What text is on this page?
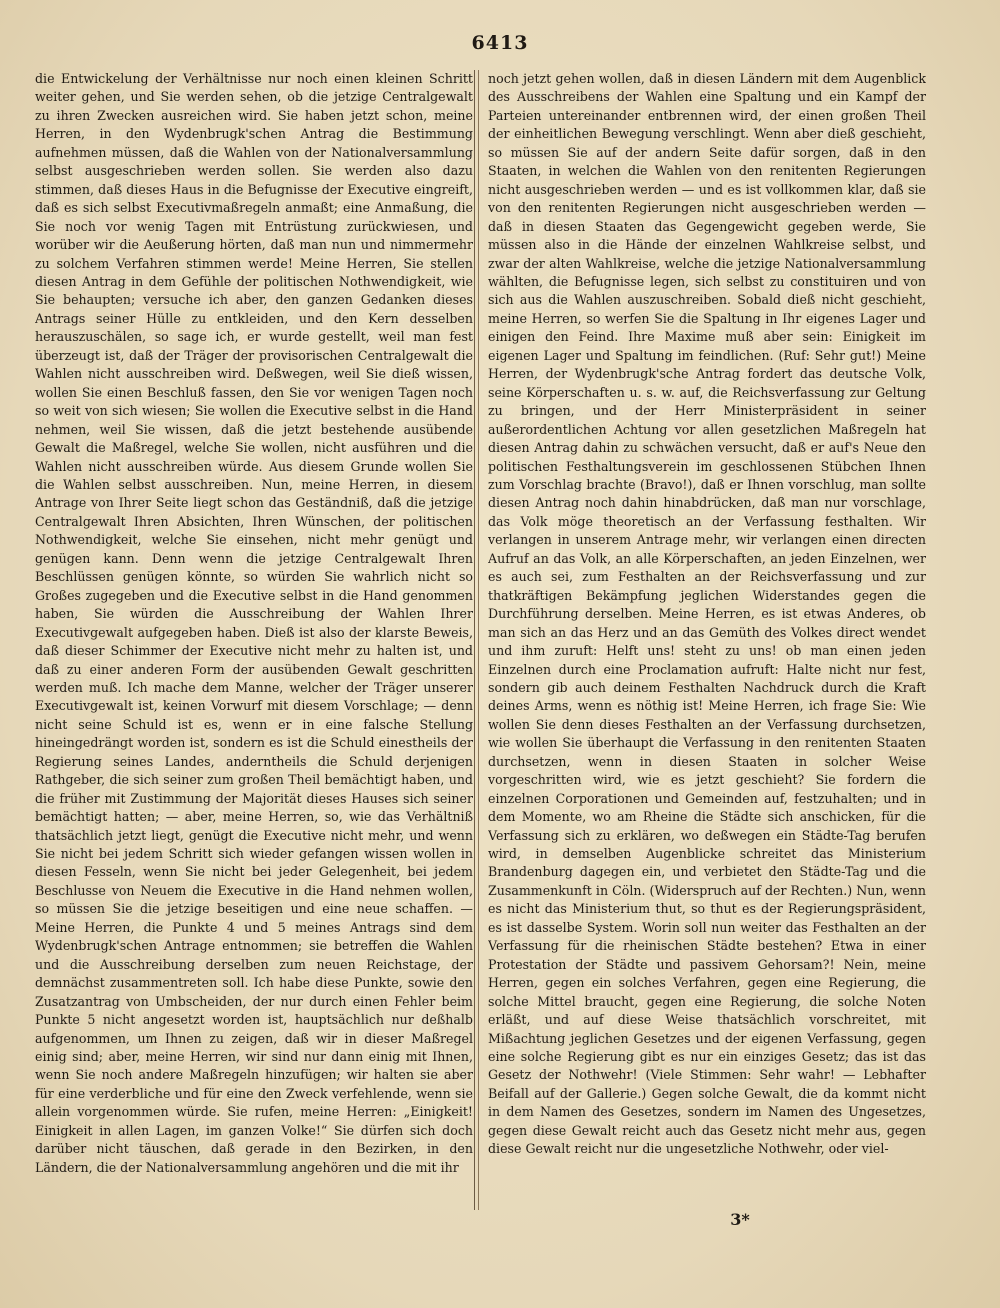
6413

die Entwickelung der Verhältnisse nur noch einen kleinen Schritt weiter gehen, und Sie werden sehen, ob die jetzige Centralgewalt zu ihren Zwecken ausreichen wird. Sie haben jetzt schon, meine Herren, in den Wydenbrugk'schen Antrag die Bestimmung aufnehmen müssen, daß die Wahlen von der Nationalversammlung selbst ausgeschrieben werden sollen. Sie werden also dazu stimmen, daß dieses Haus in die Befugnisse der Executive eingreift, daß es sich selbst Executivmaßregeln anmaßt; eine Anmaßung, die Sie noch vor wenig Tagen mit Entrüstung zurückwiesen, und worüber wir die Aeußerung hörten, daß man nun und nimmermehr zu solchem Verfahren stimmen werde! Meine Herren, Sie stellen diesen Antrag in dem Gefühle der politischen Nothwendigkeit, wie Sie behaupten; versuche ich aber, den ganzen Gedanken dieses Antrags seiner Hülle zu entkleiden, und den Kern desselben herauszuschälen, so sage ich, er wurde gestellt, weil man fest überzeugt ist, daß der Träger der provisorischen Centralgewalt die Wahlen nicht ausschreiben wird. Deßwegen, weil Sie dieß wissen, wollen Sie einen Beschluß fassen, den Sie vor wenigen Tagen noch so weit von sich wiesen; Sie wollen die Executive selbst in die Hand nehmen, weil Sie wissen, daß die jetzt bestehende ausübende Gewalt die Maßregel, welche Sie wollen, nicht ausführen und die Wahlen nicht ausschreiben würde. Aus diesem Grunde wollen Sie die Wahlen selbst ausschreiben. Nun, meine Herren, in diesem Antrage von Ihrer Seite liegt schon das Geständniß, daß die jetzige Centralgewalt Ihren Absichten, Ihren Wünschen, der politischen Nothwendigkeit, welche Sie einsehen, nicht mehr genügt und genügen kann. Denn wenn die jetzige Centralgewalt Ihren Beschlüssen genügen könnte, so würden Sie wahrlich nicht so Großes zugegeben und die Executive selbst in die Hand genommen haben, Sie würden die Ausschreibung der Wahlen Ihrer Executivgewalt aufgegeben haben. Dieß ist also der klarste Beweis, daß dieser Schimmer der Executive nicht mehr zu halten ist, und daß zu einer anderen Form der ausübenden Gewalt geschritten werden muß. Ich mache dem Manne, welcher der Träger unserer Executivgewalt ist, keinen Vorwurf mit diesem Vorschlage; — denn nicht seine Schuld ist es, wenn er in eine falsche Stellung hineingedrängt worden ist, sondern es ist die Schuld einestheils der Regierung seines Landes, anderntheils die Schuld derjenigen Rathgeber, die sich seiner zum großen Theil bemächtigt haben, und die früher mit Zustimmung der Majorität dieses Hauses sich seiner bemächtigt hatten; — aber, meine Herren, so, wie das Verhältniß thatsächlich jetzt liegt, genügt die Executive nicht mehr, und wenn Sie nicht bei jedem Schritt sich wieder gefangen wissen wollen in diesen Fesseln, wenn Sie nicht bei jeder Gelegenheit, bei jedem Beschlusse von Neuem die Executive in die Hand nehmen wollen, so müssen Sie die jetzige beseitigen und eine neue schaffen. — Meine Herren, die Punkte 4 und 5 meines Antrags sind dem Wydenbrugk'schen Antrage entnommen; sie betreffen die Wahlen und die Ausschreibung derselben zum neuen Reichstage, der demnächst zusammentreten soll. Ich habe diese Punkte, sowie den Zusatzantrag von Umbscheiden, der nur durch einen Fehler beim Punkte 5 nicht angesetzt worden ist, hauptsächlich nur deßhalb aufgenommen, um Ihnen zu zeigen, daß wir in dieser Maßregel einig sind; aber, meine Herren, wir sind nur dann einig mit Ihnen, wenn Sie noch andere Maßregeln hinzufügen; wir halten sie aber für eine verderbliche und für eine den Zweck verfehlende, wenn sie allein vorgenommen würde. Sie rufen, meine Herren: „Einigkeit! Einigkeit in allen Lagen, im ganzen Volke!“ Sie dürfen sich doch darüber nicht täuschen, daß gerade in den Bezirken, in den Ländern, die der Nationalversammlung angehören und die mit ihr

noch jetzt gehen wollen, daß in diesen Ländern mit dem Augenblick des Ausschreibens der Wahlen eine Spaltung und ein Kampf der Parteien untereinander entbrennen wird, der einen großen Theil der einheitlichen Bewegung verschlingt. Wenn aber dieß geschieht, so müssen Sie auf der andern Seite dafür sorgen, daß in den Staaten, in welchen die Wahlen von den renitenten Regierungen nicht ausgeschrieben werden — und es ist vollkommen klar, daß sie von den renitenten Regierungen nicht ausgeschrieben werden — daß in diesen Staaten das Gegengewicht gegeben werde, Sie müssen also in die Hände der einzelnen Wahlkreise selbst, und zwar der alten Wahlkreise, welche die jetzige Nationalversammlung wählten, die Befugnisse legen, sich selbst zu constituiren und von sich aus die Wahlen auszuschreiben. Sobald dieß nicht geschieht, meine Herren, so werfen Sie die Spaltung in Ihr eigenes Lager und einigen den Feind. Ihre Maxime muß aber sein: Einigkeit im eigenen Lager und Spaltung im feindlichen. (Ruf: Sehr gut!) Meine Herren, der Wydenbrugk'sche Antrag fordert das deutsche Volk, seine Körperschaften u. s. w. auf, die Reichsverfassung zur Geltung zu bringen, und der Herr Ministerpräsident in seiner außerordentlichen Achtung vor allen gesetzlichen Maßregeln hat diesen Antrag dahin zu schwächen versucht, daß er auf's Neue den politischen Festhaltungsverein im geschlossenen Stübchen Ihnen zum Vorschlag brachte (Bravo!), daß er Ihnen vorschlug, man sollte diesen Antrag noch dahin hinabdrücken, daß man nur vorschlage, das Volk möge theoretisch an der Verfassung festhalten. Wir verlangen in unserem Antrage mehr, wir verlangen einen directen Aufruf an das Volk, an alle Körperschaften, an jeden Einzelnen, wer es auch sei, zum Festhalten an der Reichsverfassung und zur thatkräftigen Bekämpfung jeglichen Widerstandes gegen die Durchführung derselben. Meine Herren, es ist etwas Anderes, ob man sich an das Herz und an das Gemüth des Volkes direct wendet und ihm zuruft: Helft uns! steht zu uns! ob man einen jeden Einzelnen durch eine Proclamation aufruft: Halte nicht nur fest, sondern gib auch deinem Festhalten Nachdruck durch die Kraft deines Arms, wenn es nöthig ist! Meine Herren, ich frage Sie: Wie wollen Sie denn dieses Festhalten an der Verfassung durchsetzen, wie wollen Sie überhaupt die Verfassung in den renitenten Staaten durchsetzen, wenn in diesen Staaten in solcher Weise vorgeschritten wird, wie es jetzt geschieht? Sie fordern die einzelnen Corporationen und Gemeinden auf, festzuhalten; und in dem Momente, wo am Rheine die Städte sich anschicken, für die Verfassung sich zu erklären, wo deßwegen ein Städte-Tag berufen wird, in demselben Augenblicke schreitet das Ministerium Brandenburg dagegen ein, und verbietet den Städte-Tag und die Zusammenkunft in Cöln. (Widerspruch auf der Rechten.) Nun, wenn es nicht das Ministerium thut, so thut es der Regierungspräsident, es ist dasselbe System. Worin soll nun weiter das Festhalten an der Verfassung für die rheinischen Städte bestehen? Etwa in einer Protestation der Städte und passivem Gehorsam?! Nein, meine Herren, gegen ein solches Verfahren, gegen eine Regierung, die solche Mittel braucht, gegen eine Regierung, die solche Noten erläßt, und auf diese Weise thatsächlich vorschreitet, mit Mißachtung jeglichen Gesetzes und der eigenen Verfassung, gegen eine solche Regierung gibt es nur ein einziges Gesetz; das ist das Gesetz der Nothwehr! (Viele Stimmen: Sehr wahr! — Lebhafter Beifall auf der Gallerie.) Gegen solche Gewalt, die da kommt nicht in dem Namen des Gesetzes, sondern im Namen des Ungesetzes, gegen diese Gewalt reicht auch das Gesetz nicht mehr aus, gegen diese Gewalt reicht nur die ungesetzliche Nothwehr, oder viel-

3*
